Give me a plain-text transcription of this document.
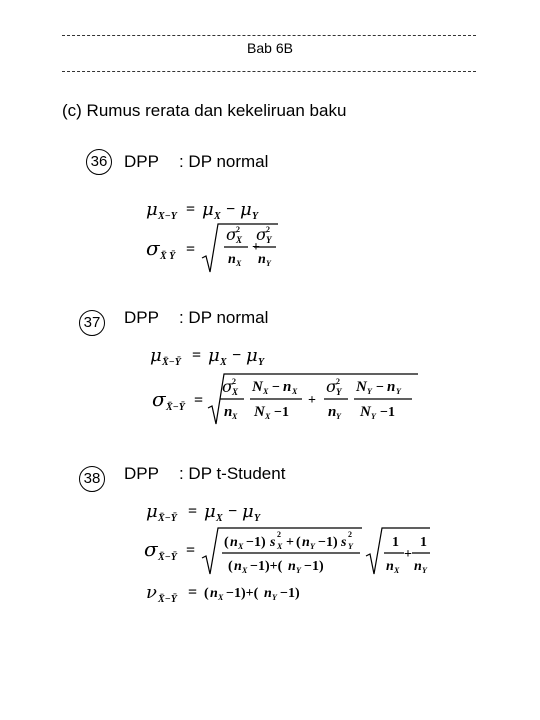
Bab 6B
(c) Rumus rerata dan kekeliruan baku
36 DPP : DP normal
μ X−Y = μ X − μ Y
σ X̄ Ȳ =
σ 2
X
n X
+
σ 2
Y
n Y
37 DPP : DP normal
μ X̄−Ȳ = μ X − μ Y
σ X̄−Ȳ =
σ 2
X
n X
N X − n X
N X −1
+
σ 2
Y
n Y
N Y − n Y
N Y −1
38 DPP : DP t-Student
μ X̄−Ȳ = μ X − μ Y
σ X̄−Ȳ = ( n X −1) s
2
X + ( n Y −1) s
2
Y
( n X −1)+( n Y −1)
1
n X
+
1
n Y
ν X̄−Ȳ = ( n X −1)+( n Y −1)
